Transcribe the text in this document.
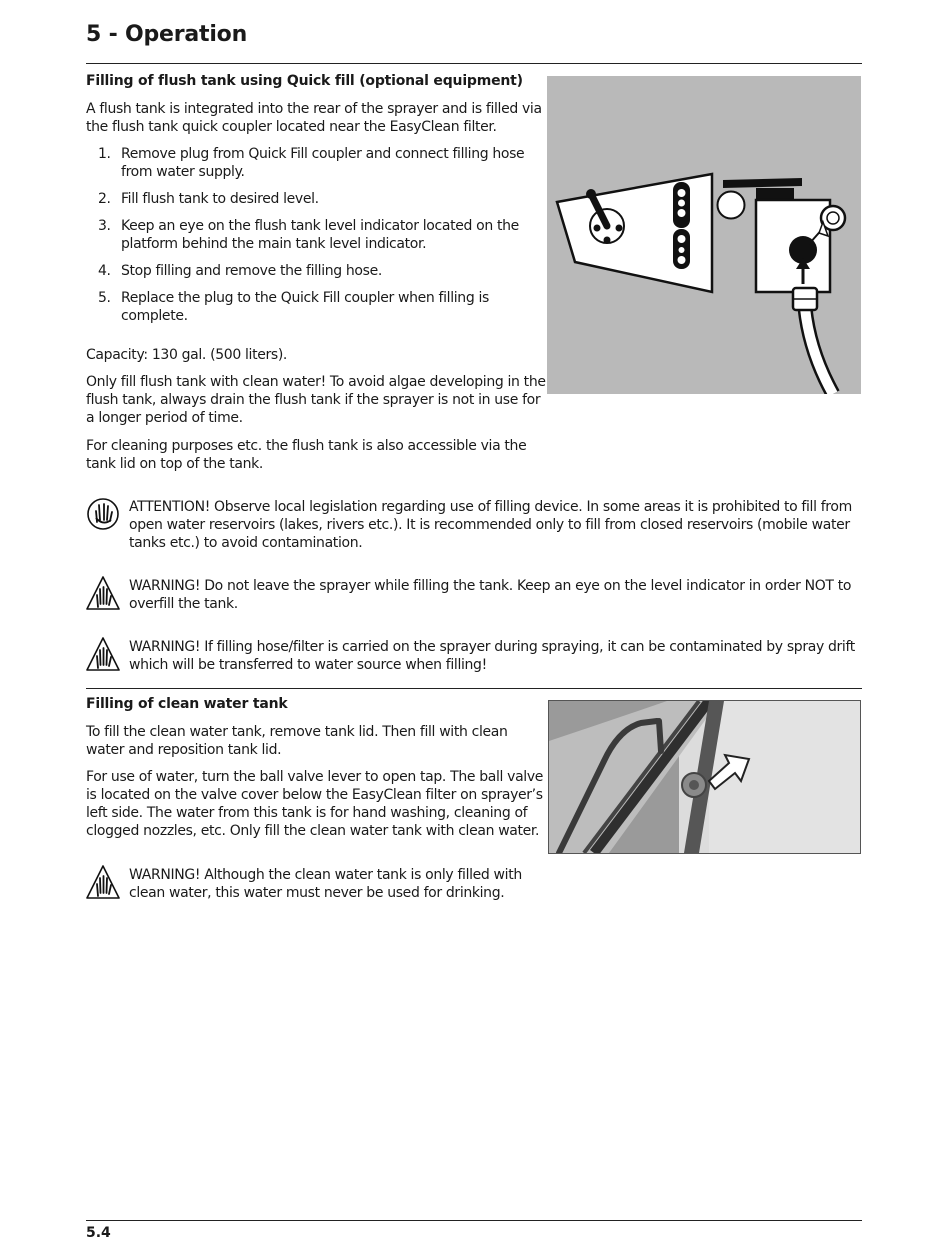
5 - Operation
Filling of flush tank using Quick fill (optional equipment)

A flush tank is integrated into the rear of the sprayer and is filled via the flush tank quick coupler located near the EasyClean filter.

1. Remove plug from Quick Fill coupler and connect filling hose from water supply.
2. Fill flush tank to desired level.
3. Keep an eye on the flush tank level indicator located on the platform behind the main tank level indicator.
4. Stop filling and remove the filling hose.
5. Replace the plug to the Quick Fill coupler when filling is complete.

Capacity: 130 gal. (500 liters).

Only fill flush tank with clean water! To avoid algae developing in the flush tank, always drain the flush tank if the sprayer is not in use for a longer period of time.

For cleaning purposes etc. the flush tank is also accessible via the tank lid on top of the tank.

ATTENTION! Observe local legislation regarding use of filling device. In some areas it is prohibited to fill from open water reservoirs (lakes, rivers etc.). It is recommended only to fill from closed reservoirs (mobile water tanks etc.) to avoid contamination.

WARNING! Do not leave the sprayer while filling the tank. Keep an eye on the level indicator in order NOT to overfill the tank.

WARNING! If filling hose/filter is carried on the sprayer during spraying, it can be contaminated by spray drift which will be transferred to water source when filling!

Filling of clean water tank

To fill the clean water tank, remove tank lid. Then fill with clean water and reposition tank lid.

For use of water, turn the ball valve lever to open tap. The ball valve is located on the valve cover below the EasyClean filter on sprayer’s left side. The water from this tank is for hand washing, cleaning of clogged nozzles, etc. Only fill the clean water tank with clean water.

WARNING! Although the clean water tank is only filled with clean water, this water must never be used for drinking.

5.4
